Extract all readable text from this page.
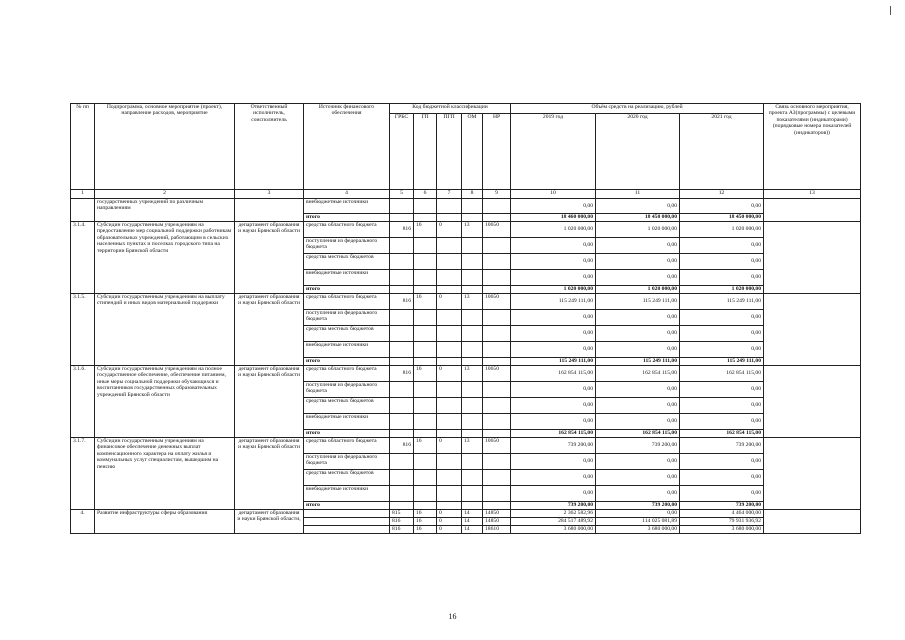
№ пп	Подпрограмма, основное мероприятие (проект), направление расходов, мероприятие	Ответственный исполнитель, соисполнитель	Источник финансового обеспечения	Код бюджетной классификации					Объём средств на реализацию, рублей			Связь основного мероприятия, проекта АЗ(программы) с целевыми показателями (индикаторами) (порядковые номера показателей (индикаторов))
				ГРБС	ГП	ПГП	ОМ	НР	2019 год	2020 год	2021 год	
1	2	3	4	5	6	7	8	9	10	11	12	13
	государственных учреждений по различным направлениям		внебюджетные источники						0,00	0,00	0,00	
			итого						18 460 000,00	18 450 000,00	18 450 000,00	
3.1.4.	Субсидии государственным учреждениям на предоставление мер социальной поддержки работникам образовательных учреждений, работающим в сельских населенных пунктах и поселках городского типа на территории Брянской области	департамент образования и науки Брянской области	средства областного бюджета	816	16	0	13	10650	1 020 000,00	1 020 000,00	1 020 000,00	
			поступления из федерального бюджета						0,00	0,00	0,00	
			средства местных бюджетов						0,00	0,00	0,00	
			внебюджетные источники						0,00	0,00	0,00	
			итого						1 020 000,00	1 020 000,00	1 020 000,00	
3.1.5.	Субсидии государственным учреждениям на выплату стипендий и иных видов материальной поддержки	департамент образования и науки Брянской области	средства областного бюджета	816	16	0	13	10650	115 249 111,00	115 249 111,00	115 249 111,00	
			поступления из федерального бюджета						0,00	0,00	0,00	
			средства местных бюджетов						0,00	0,00	0,00	
			внебюджетные источники						0,00	0,00	0,00	
			итого						115 249 111,00	115 249 111,00	115 249 111,00	
3.1.6.	Субсидии государственным учреждениям на полное государственное обеспечение, обеспечение питанием, иные меры социальной поддержки обучающихся и воспитанников государственных образовательных учреждений Брянской области	департамент образования и науки Брянской области	средства областного бюджета	816	16	0	13	10650	162 854 115,00	162 854 115,00	162 854 115,00	
			поступления из федерального бюджета						0,00	0,00	0,00	
			средства местных бюджетов						0,00	0,00	0,00	
			внебюджетные источники						0,00	0,00	0,00	
			итого						162 854 115,00	162 854 115,00	162 854 115,00	
3.1.7.	Субсидии государственным учреждениям на финансовое обеспечение денежных выплат компенсационного характера на оплату жилья и коммунальных услуг специалистам, вышедшим на пенсию	департамент образования и науки Брянской области	средства областного бюджета	816	16	0	13	10650	739 200,00	739 200,00	739 200,00	
			поступления из федерального бюджета						0,00	0,00	0,00	
			средства местных бюджетов						0,00	0,00	0,00	
			внебюджетные источники						0,00	0,00	0,00	
			итого						739 200,00	739 200,00	739 200,00	
4.	Развитие инфраструктуры сферы образования	департамент образования и науки Брянской области,		815	16	0	14	14850	2 362 582,96	0,00	4 464 000,00	
				816	16	0	14	14850	284 517 489,92	114 025 081,89	79 931 936,92	
				816	16	0	14	18610	3 680 000,00	3 680 000,00	3 680 000,00	
16
